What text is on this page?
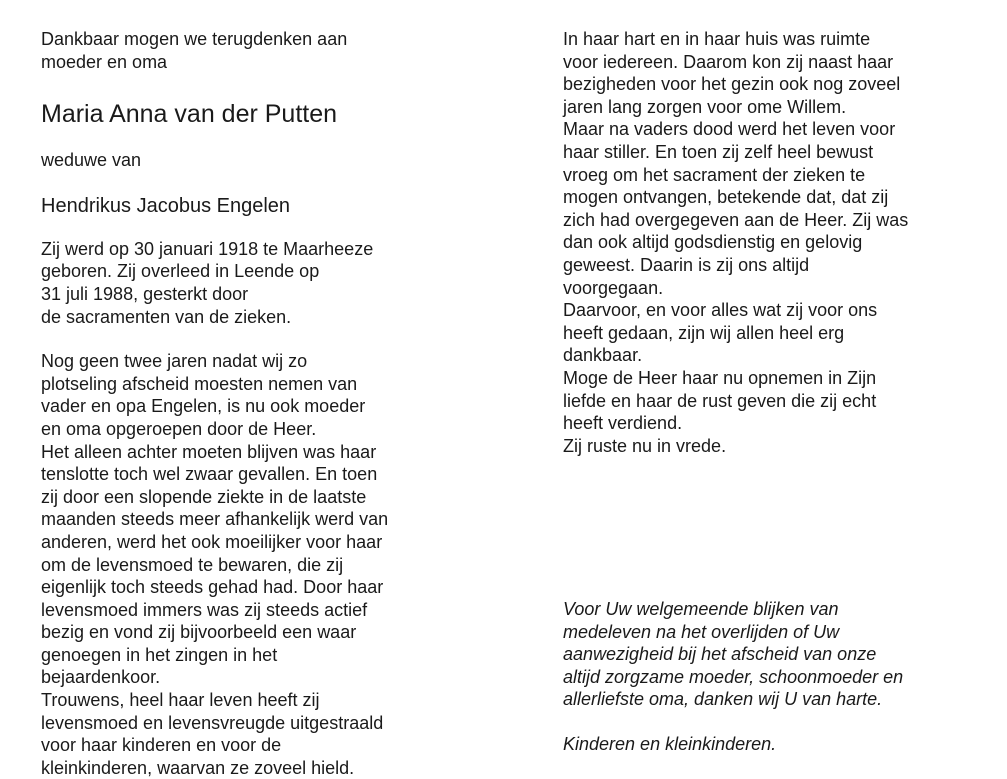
Dankbaar mogen we terugdenken aan
moeder en oma
Maria Anna van der Putten
weduwe van
Hendrikus Jacobus Engelen
Zij werd op 30 januari 1918 te Maarheeze
geboren. Zij overleed in Leende op
31 juli 1988, gesterkt door
de sacramenten van de zieken.
Nog geen twee jaren nadat wij zo
plotseling afscheid moesten nemen van
vader en opa Engelen, is nu ook moeder
en oma opgeroepen door de Heer.
Het alleen achter moeten blijven was haar
tenslotte toch wel zwaar gevallen. En toen
zij door een slopende ziekte in de laatste
maanden steeds meer afhankelijk werd van
anderen, werd het ook moeilijker voor haar
om de levensmoed te bewaren, die zij
eigenlijk toch steeds gehad had. Door haar
levensmoed immers was zij steeds actief
bezig en vond zij bijvoorbeeld een waar
genoegen in het zingen in het
bejaardenkoor.
Trouwens, heel haar leven heeft zij
levensmoed en levensvreugde uitgestraald
voor haar kinderen en voor de
kleinkinderen, waarvan ze zoveel hield.
In haar hart en in haar huis was ruimte
voor iedereen. Daarom kon zij naast haar
bezigheden voor het gezin ook nog zoveel
jaren lang zorgen voor ome Willem.
Maar na vaders dood werd het leven voor
haar stiller. En toen zij zelf heel bewust
vroeg om het sacrament der zieken te
mogen ontvangen, betekende dat, dat zij
zich had overgegeven aan de Heer. Zij was
dan ook altijd godsdienstig en gelovig
geweest. Daarin is zij ons altijd
voorgegaan.
Daarvoor, en voor alles wat zij voor ons
heeft gedaan, zijn wij allen heel erg
dankbaar.
Moge de Heer haar nu opnemen in Zijn
liefde en haar de rust geven die zij echt
heeft verdiend.
Zij ruste nu in vrede.
Voor Uw welgemeende blijken van
medeleven na het overlijden of Uw
aanwezigheid bij het afscheid van onze
altijd zorgzame moeder, schoonmoeder en
allerliefste oma, danken wij U van harte.
Kinderen en kleinkinderen.
